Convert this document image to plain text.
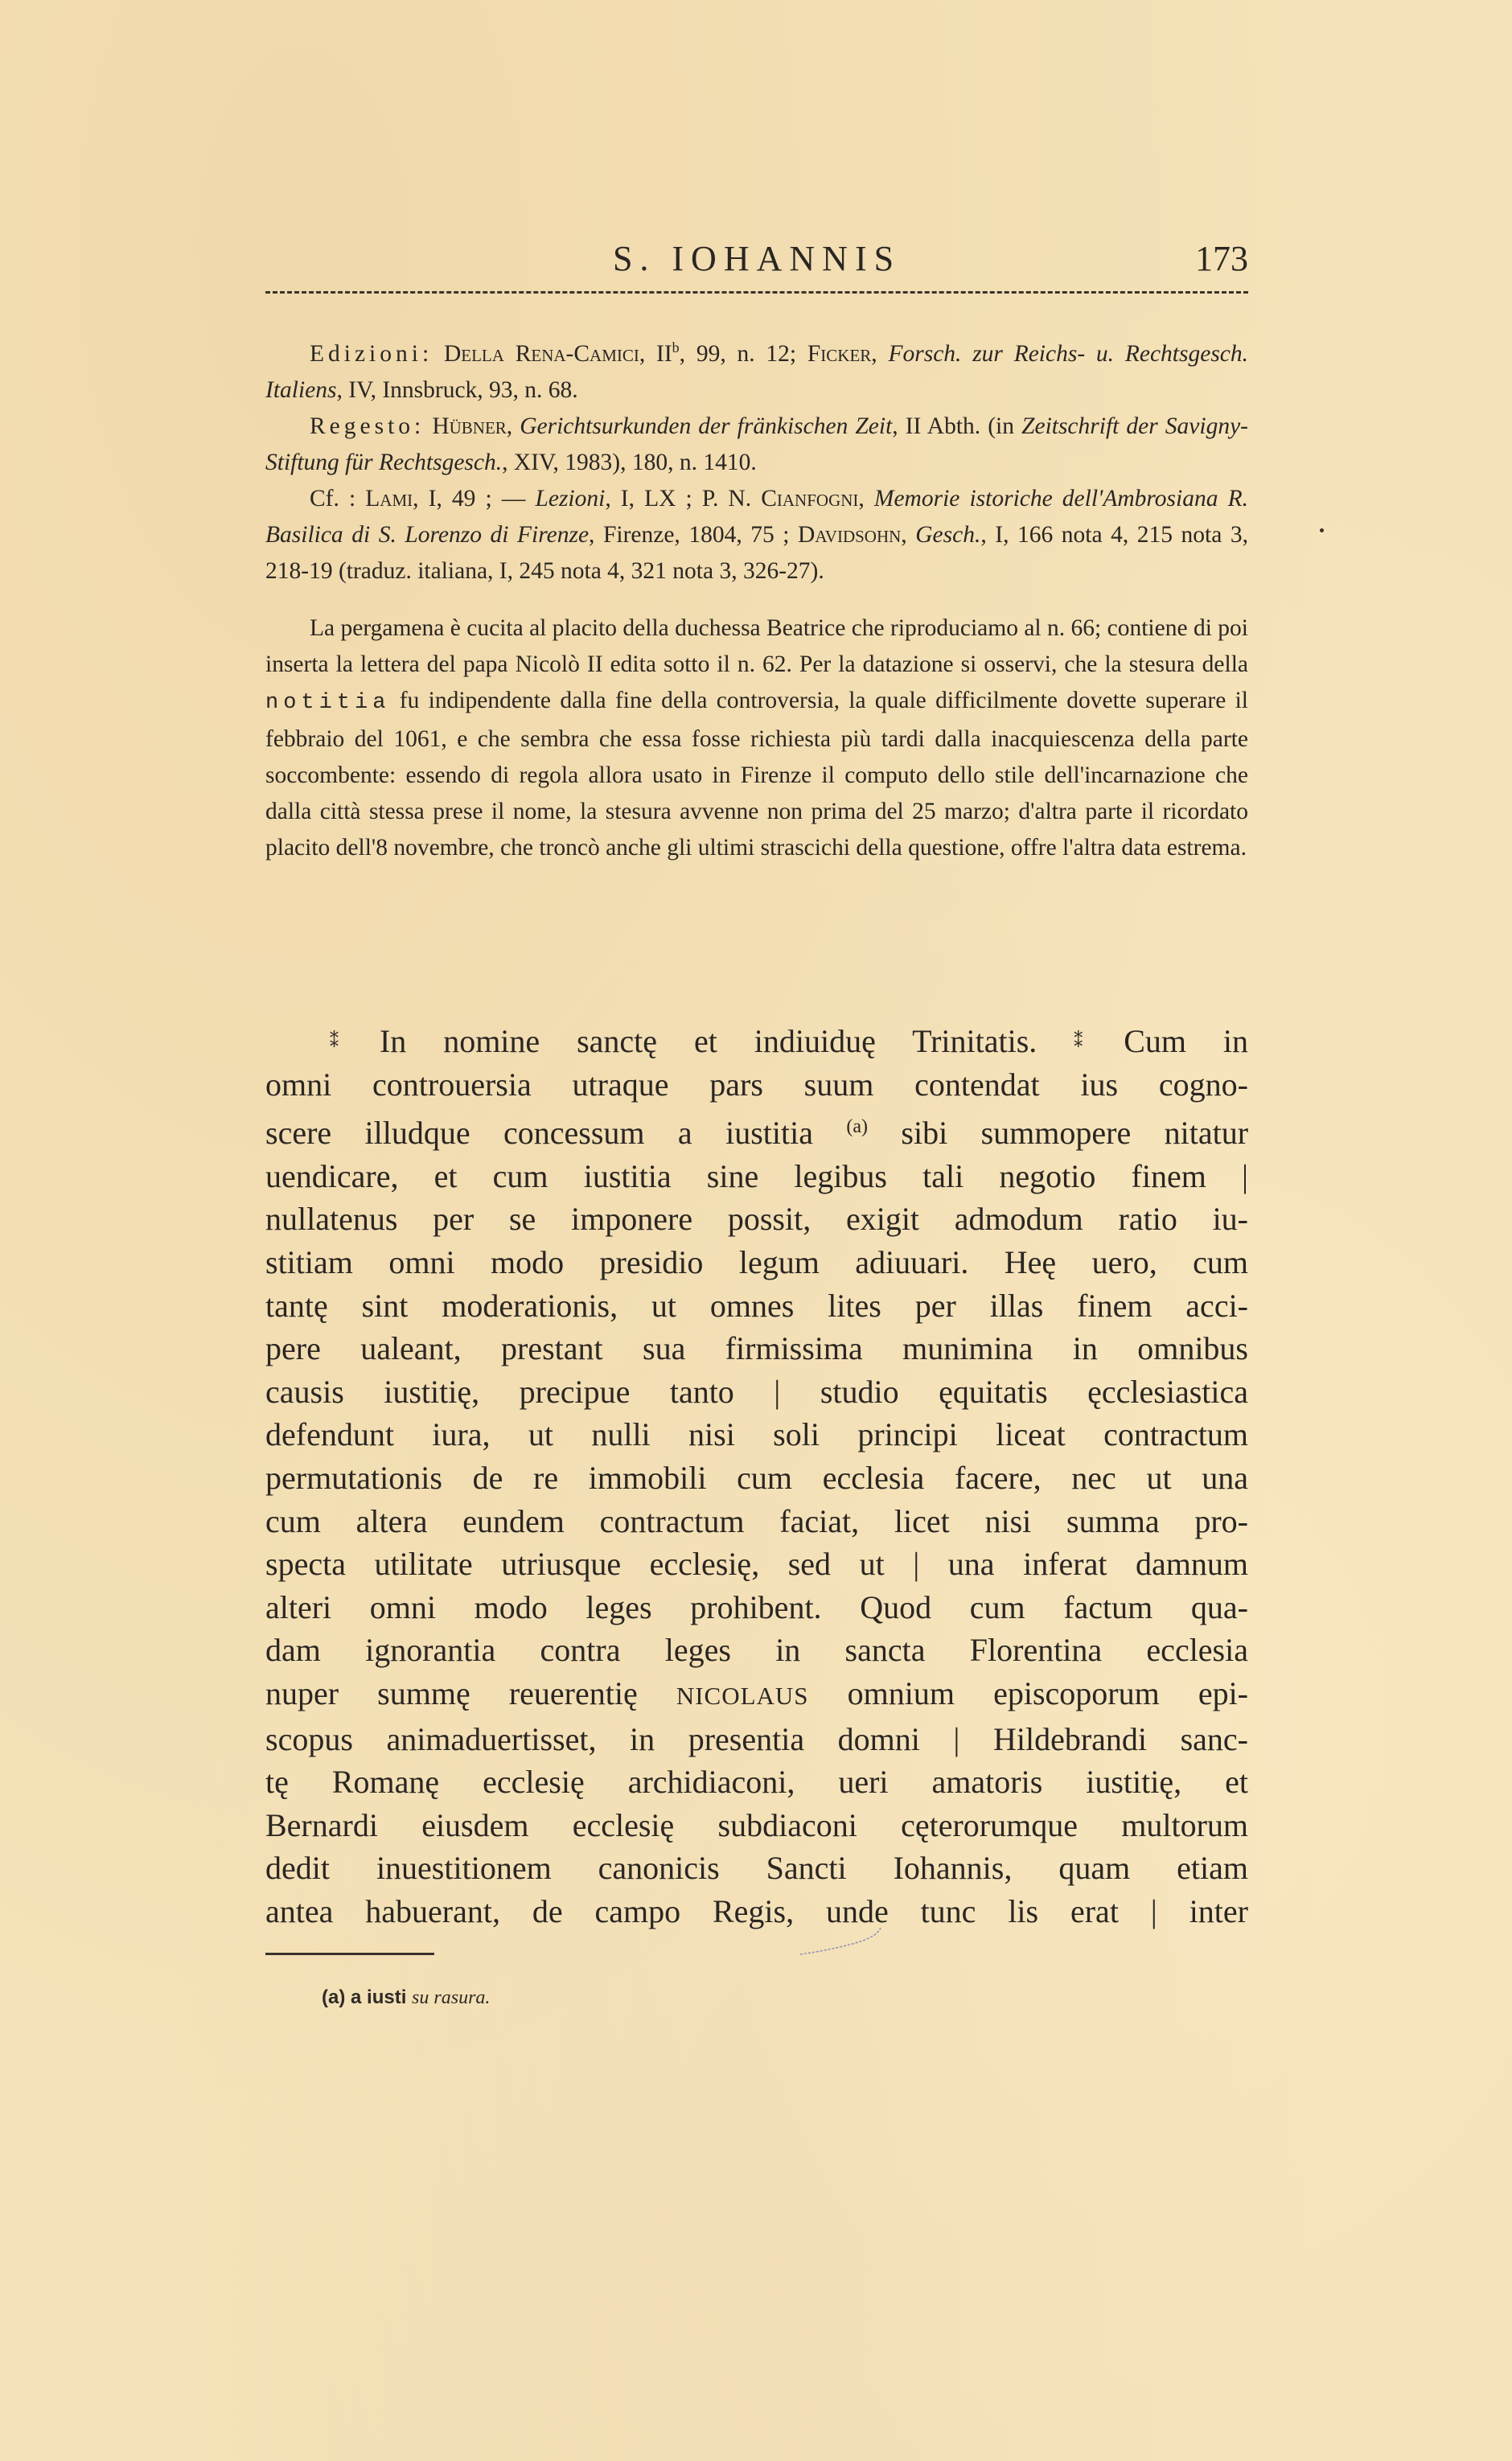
S. IOHANNIS	173

Edizioni: Della Rena-Camici, $II^b$, 99, n. 12; Ficker, Forsch. zur Reichs- u. Rechtsgesch. Italiens, IV, Innsbruck, 93, n. 68.

Regesto: Hübner, Gerichtsurkunden der fränkischen Zeit, II Abth. (in Zeitschrift der Savigny-Stiftung für Rechtsgesch., XIV, 1983), 180, n. 1410.

Cf. : Lami, I, 49 ; — Lezioni, I, LX ; P. N. Cianfogni, Memorie istoriche dell'Ambrosiana R. Basilica di S. Lorenzo di Firenze, Firenze, 1804, 75 ; Davidsohn, Gesch., I, 166 nota 4, 215 nota 3, 218-19 (traduz. italiana, I, 245 nota 4, 321 nota 3, 326-27).

La pergamena è cucita al placito della duchessa Beatrice che riproduciamo al n. 66; contiene di poi inserta la lettera del papa Nicolò II edita sotto il n. 62. Per la datazione si osservi, che la stesura della notitia fu indipendente dalla fine della controversia, la quale difficilmente dovette superare il febbraio del 1061, e che sembra che essa fosse richiesta più tardi dalla inacquiescenza della parte soccombente: essendo di regola allora usato in Firenze il computo dello stile dell'incarnazione che dalla città stessa prese il nome, la stesura avvenne non prima del 25 marzo; d'altra parte il ricordato placito dell'8 novembre, che troncò anche gli ultimi strascichi della questione, offre l'altra data estrema.

⁑ In nomine sanctę et indiuiduę Trinitatis. ⁑ Cum in
omni controuersia utraque pars suum contendat ius cogno-
scere illudque concessum a iustitia $^{(a)}$ sibi summopere nitatur
uendicare, et cum iustitia sine legibus tali negotio finem |
nullatenus per se imponere possit, exigit admodum ratio iu-
stitiam omni modo presidio legum adiuuari. Heę uero, cum
tantę sint moderationis, ut omnes lites per illas finem acci-
pere ualeant, prestant sua firmissima munimina in omnibus
causis iustitię, precipue tanto | studio ęquitatis ęcclesiastica
defendunt iura, ut nulli nisi soli principi liceat contractum
permutationis de re immobili cum ecclesia facere, nec ut una
cum altera eundem contractum faciat, licet nisi summa pro-
specta utilitate utriusque ecclesię, sed ut | una inferat damnum
alteri omni modo leges prohibent. Quod cum factum qua-
dam ignorantia contra leges in sancta Florentina ecclesia
nuper summę reuerentię NICOLAUS omnium episcoporum epi-
scopus animaduertisset, in presentia domni | Hildebrandi sanc-
tę Romanę ecclesię archidiaconi, ueri amatoris iustitię, et
Bernardi eiusdem ecclesię subdiaconi cęterorumque multorum
dedit inuestitionem canonicis Sancti Iohannis, quam etiam
antea habuerant, de campo Regis, unde tunc lis erat | inter
(a) a iusti su rasura.
